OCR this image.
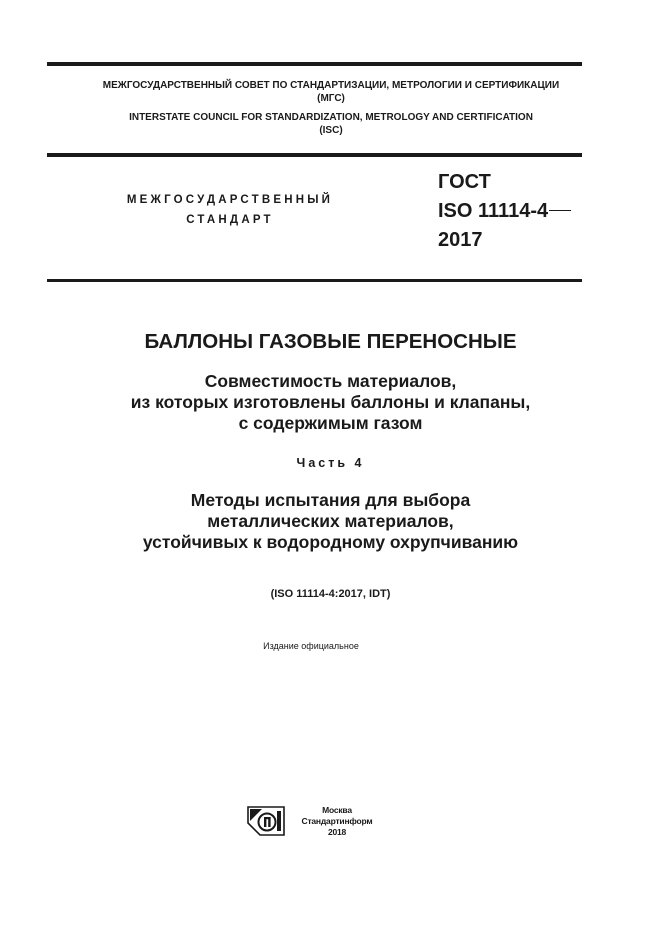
МЕЖГОСУДАРСТВЕННЫЙ СОВЕТ ПО СТАНДАРТИЗАЦИИ, МЕТРОЛОГИИ И СЕРТИФИКАЦИИ
(МГС)
INTERSTATE COUNCIL FOR STANDARDIZATION, METROLOGY AND CERTIFICATION
(ISC)
МЕЖГОСУДАРСТВЕННЫЙ
СТАНДАРТ
ГОСТ
ISO 11114-4
2017
БАЛЛОНЫ ГАЗОВЫЕ ПЕРЕНОСНЫЕ
Совместимость материалов,
из которых изготовлены баллоны и клапаны,
с содержимым газом
Часть 4
Методы испытания для выбора
металлических материалов,
устойчивых к водородному охрупчиванию
(ISO 11114-4:2017, IDT)
Издание официальное
Москва
Стандартинформ
2018
